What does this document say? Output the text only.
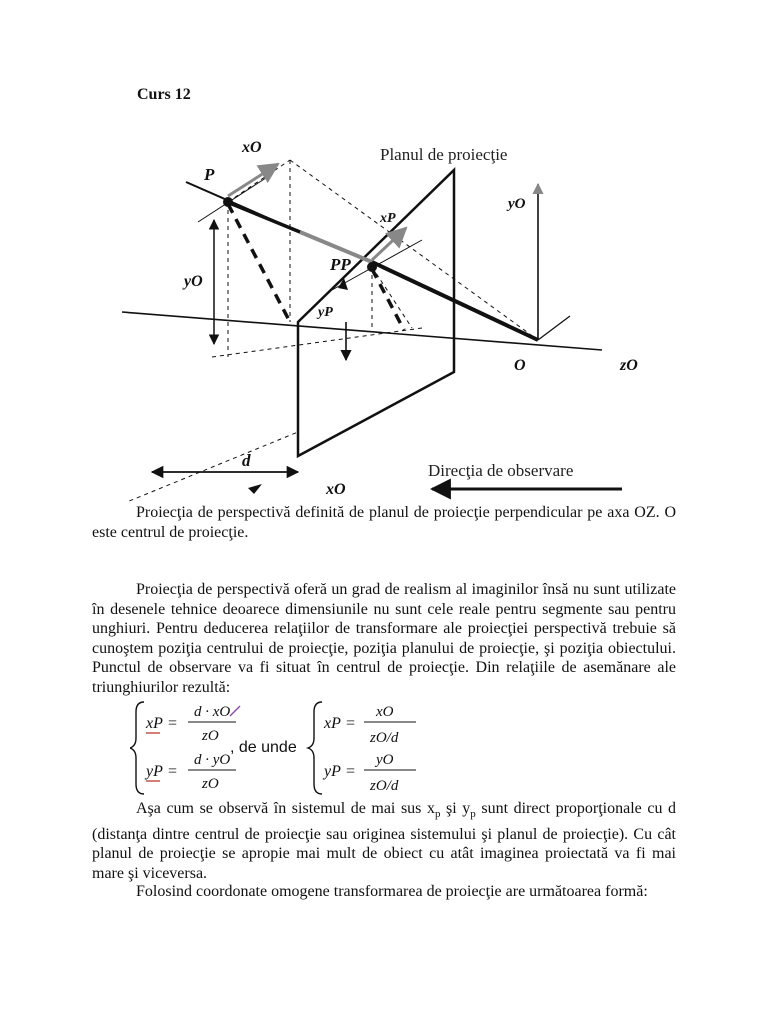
Curs 12
xO
P
xP
yO
yO
PP
yP
O	zO
d
xO
Planul de proiecţie
Direcţia de observare
Proiecţia de perspectivă definită de planul de proiecţie perpendicular pe axa OZ. O este centrul de proiecţie.
Proiecţia de perspectivă oferă un grad de realism al imaginilor însă nu sunt utilizate în desenele tehnice deoarece dimensiunile nu sunt cele reale pentru segmente sau pentru unghiuri. Pentru deducerea relaţiilor de transformare ale proiecţiei perspectivă trebuie să cunoştem poziţia centrului de proiecţie, poziţia planului de proiecţie, şi poziţia obiectului. Punctul de observare va fi situat în centrul de proiecţie. Din relaţiile de asemănare ale triunghiurilor rezultă:
xP =
d · xO
zO
yP =
d · yO
zO
, de unde
xP =
xO
zO/d
yP =
yO
zO/d
Aşa cum se observă în sistemul de mai sus $x_p$ şi $y_p$ sunt direct proporţionale cu d (distanţa dintre centrul de proiecţie sau originea sistemului şi planul de proiecţie). Cu cât planul de proiecţie se apropie mai mult de obiect cu atât imaginea proiectată va fi mai mare şi viceversa.
Folosind coordonate omogene transformarea de proiecţie are următoarea formă:
